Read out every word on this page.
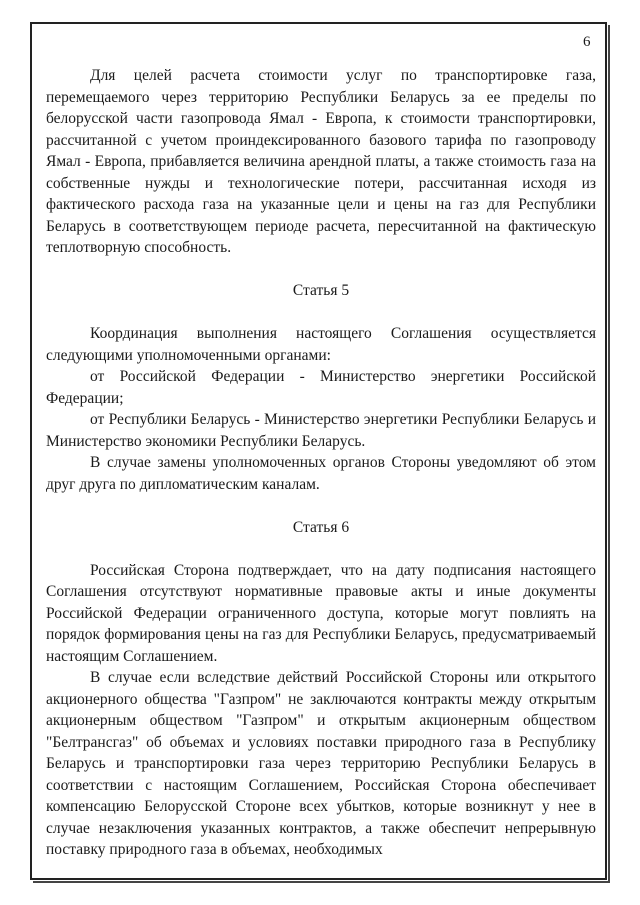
6

Для целей расчета стоимости услуг по транспортировке газа, перемещаемого через территорию Республики Беларусь за ее пределы по белорусской части газопровода Ямал - Европа, к стоимости транспортировки, рассчитанной с учетом проиндексированного базового тарифа по газопроводу Ямал - Европа, прибавляется величина арендной платы, а также стоимость газа на собственные нужды и технологические потери, рассчитанная исходя из фактического расхода газа на указанные цели и цены на газ для Республики Беларусь в соответствующем периоде расчета, пересчитанной на фактическую теплотворную способность.

Статья 5

Координация выполнения настоящего Соглашения осуществляется следующими уполномоченными органами:

от Российской Федерации - Министерство энергетики Российской Федерации;

от Республики Беларусь - Министерство энергетики Республики Беларусь и Министерство экономики Республики Беларусь.

В случае замены уполномоченных органов Стороны уведомляют об этом друг друга по дипломатическим каналам.

Статья 6

Российская Сторона подтверждает, что на дату подписания настоящего Соглашения отсутствуют нормативные правовые акты и иные документы Российской Федерации ограниченного доступа, которые могут повлиять на порядок формирования цены на газ для Республики Беларусь, предусматриваемый настоящим Соглашением.

В случае если вследствие действий Российской Стороны или открытого акционерного общества "Газпром" не заключаются контракты между открытым акционерным обществом "Газпром" и открытым акционерным обществом "Белтрансгаз" об объемах и условиях поставки природного газа в Республику Беларусь и транспортировки газа через территорию Республики Беларусь в соответствии с настоящим Соглашением, Российская Сторона обеспечивает компенсацию Белорусской Стороне всех убытков, которые возникнут у нее в случае незаключения указанных контрактов, а также обеспечит непрерывную поставку природного газа в объемах, необходимых
